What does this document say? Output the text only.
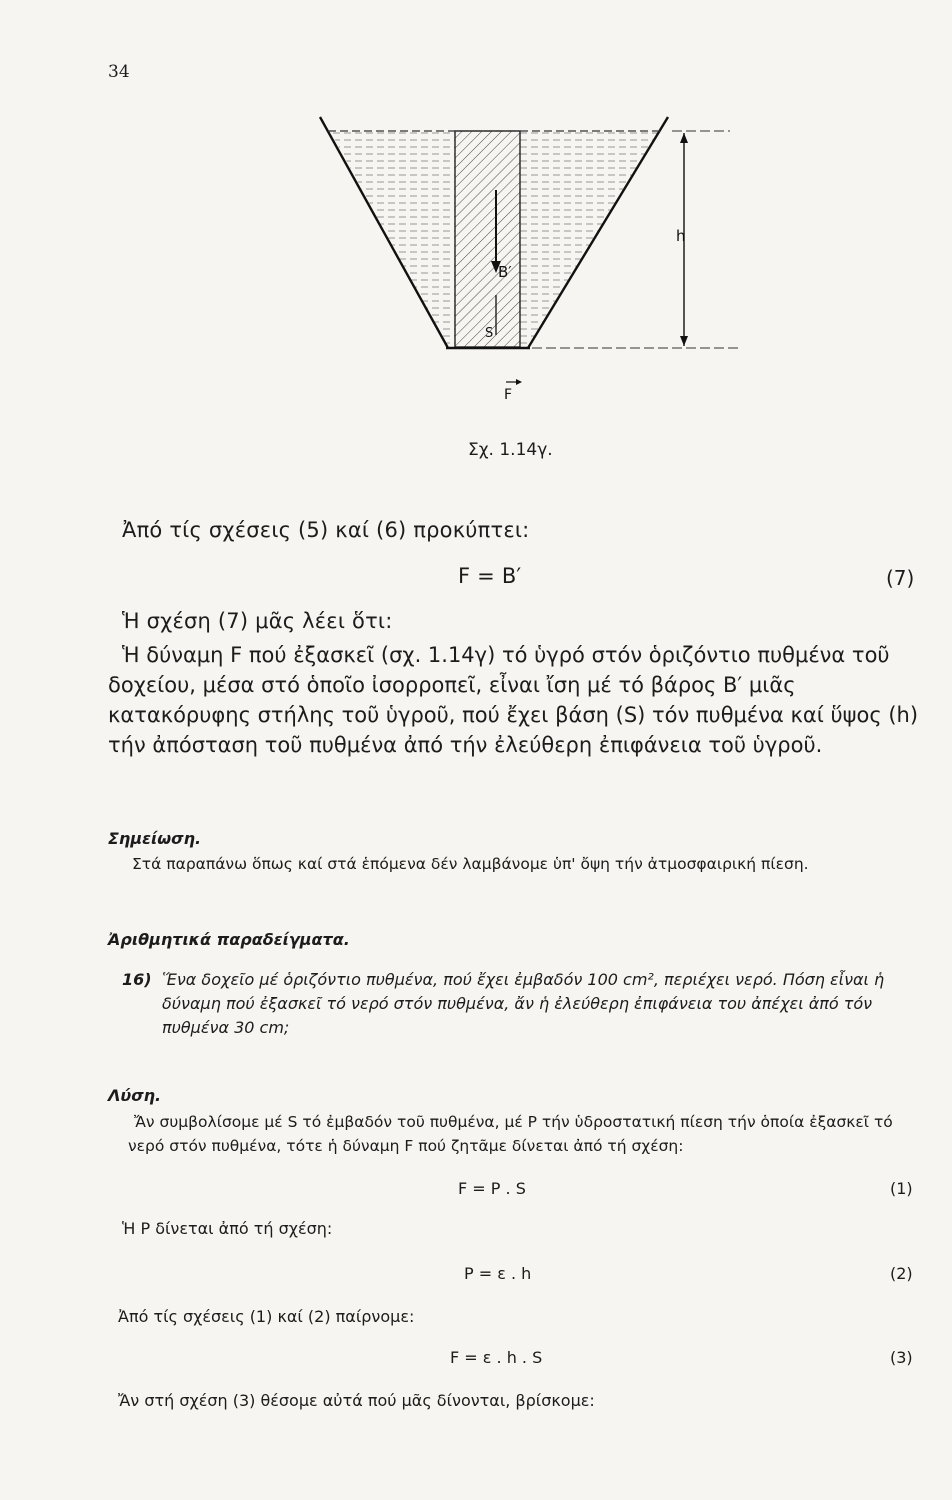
34
B′
S
h
F
Σχ. 1.14γ.
Ἀπό τίς σχέσεις (5) καί (6) προκύπτει:
F = B′	(7)
Ἡ σχέση (7) μᾶς λέει ὅτι:
Ἡ δύναμη F πού ἐξασκεῖ (σχ. 1.14γ) τό ὑγρό στόν ὁριζόντιο πυθμένα τοῦ δοχείου, μέσα στό ὁποῖο ἰσορροπεῖ, εἶναι ἴση μέ τό βάρος B′ μιᾶς κατακόρυφης στήλης τοῦ ὑγροῦ, πού ἔχει βάση (S) τόν πυθμένα καί ὕψος (h) τήν ἀπόσταση τοῦ πυθμένα ἀπό τήν ἐλεύθερη ἐπιφάνεια τοῦ ὑγροῦ.
Σημείωση.
Στά παραπάνω ὅπως καί στά ἑπόμενα δέν λαμβάνομε ὑπ' ὄψη τήν ἀτμοσφαιρική πίεση.
Ἀριθμητικά παραδείγματα.
16) Ἕνα δοχεῖο μέ ὁριζόντιο πυθμένα, πού ἔχει ἐμβαδόν 100 cm², περιέχει νερό. Πόση εἶναι ἡ δύναμη πού ἐξασκεῖ τό νερό στόν πυθμένα, ἄν ἡ ἐλεύθερη ἐπιφάνεια του ἀπέχει ἀπό τόν πυθμένα 30 cm;
Λύση.
Ἄν συμβολίσομε μέ S τό ἐμβαδόν τοῦ πυθμένα, μέ P τήν ὑδροστατική πίεση τήν ὁποία ἐξασκεῖ τό νερό στόν πυθμένα, τότε ἡ δύναμη F πού ζητᾶμε δίνεται ἀπό τή σχέση:
F = P . S	(1)
Ἡ P δίνεται ἀπό τή σχέση:
P = ε . h	(2)
Ἀπό τίς σχέσεις (1) καί (2) παίρνομε:
F = ε . h . S	(3)
Ἄν στή σχέση (3) θέσομε αὐτά πού μᾶς δίνονται, βρίσκομε:
